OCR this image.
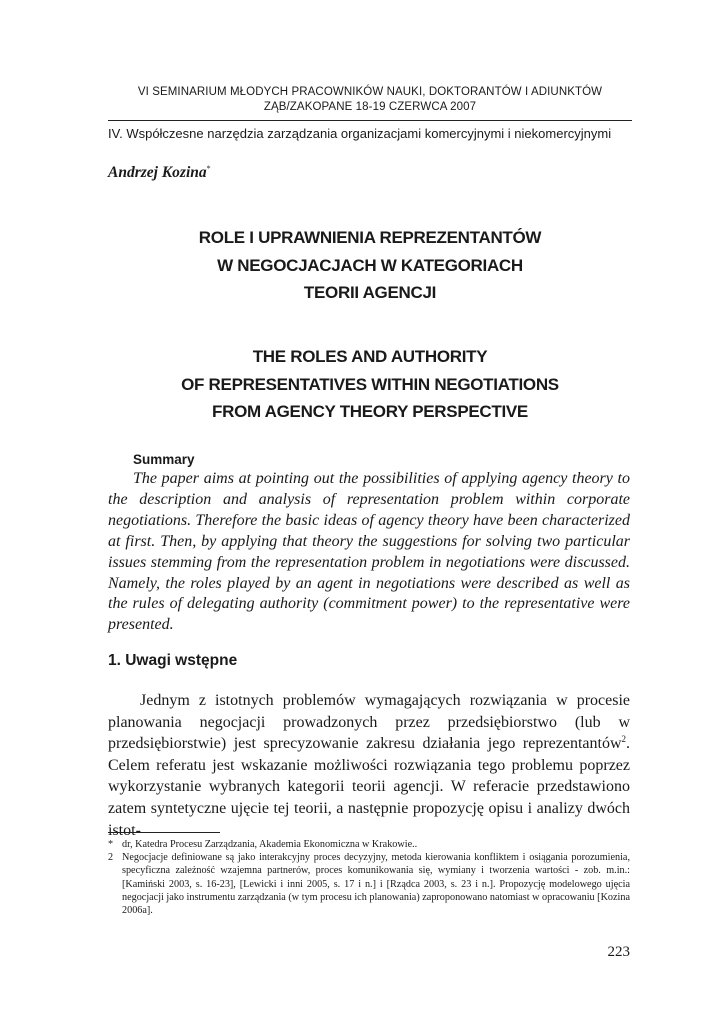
VI SEMINARIUM MŁODYCH PRACOWNIKÓW NAUKI, DOKTORANTÓW I ADIUNKTÓW
ZĄB/ZAKOPANE 18-19 CZERWCA 2007
IV. Współczesne narzędzia zarządzania organizacjami komercyjnymi i niekomercyjnymi
Andrzej Kozina*
ROLE I UPRAWNIENIA REPREZENTANTÓW
W NEGOCJACJACH W KATEGORIACH
TEORII AGENCJI
THE ROLES AND AUTHORITY
OF REPRESENTATIVES WITHIN NEGOTIATIONS
FROM AGENCY THEORY PERSPECTIVE
Summary

The paper aims at pointing out the possibilities of applying agency theory to the description and analysis of representation problem within corporate negotiations. Therefore the basic ideas of agency theory have been characterized at first. Then, by applying that theory the suggestions for solving two particular issues stemming from the representation problem in negotiations were discussed. Namely, the roles played by an agent in negotiations were described as well as the rules of delegating authority (commitment power) to the representative were presented.

1. Uwagi wstępne

Jednym z istotnych problemów wymagających rozwiązania w procesie planowania negocjacji prowadzonych przez przedsiębiorstwo (lub w przedsiębiorstwie) jest sprecyzowanie zakresu działania jego reprezentantów$^2$. Celem referatu jest wskazanie możliwości rozwiązania tego problemu poprzez wykorzystanie wybranych kategorii teorii agencji. W referacie przedstawiono zatem syntetyczne ujęcie tej teorii, a następnie propozycję opisu i analizy dwóch istot-

* dr, Katedra Procesu Zarządzania, Akademia Ekonomiczna w Krakowie..
2 Negocjacje definiowane są jako interakcyjny proces decyzyjny, metoda kierowania konfliktem i osiągania porozumienia, specyficzna zależność wzajemna partnerów, proces komunikowania się, wymiany i tworzenia wartości - zob. m.in.: [Kamiński 2003, s. 16-23], [Lewicki i inni 2005, s. 17 i n.] i [Rządca 2003, s. 23 i n.]. Propozycję modelowego ujęcia negocjacji jako instrumentu zarządzania (w tym procesu ich planowania) zaproponowano natomiast w opracowaniu [Kozina 2006a].
223
